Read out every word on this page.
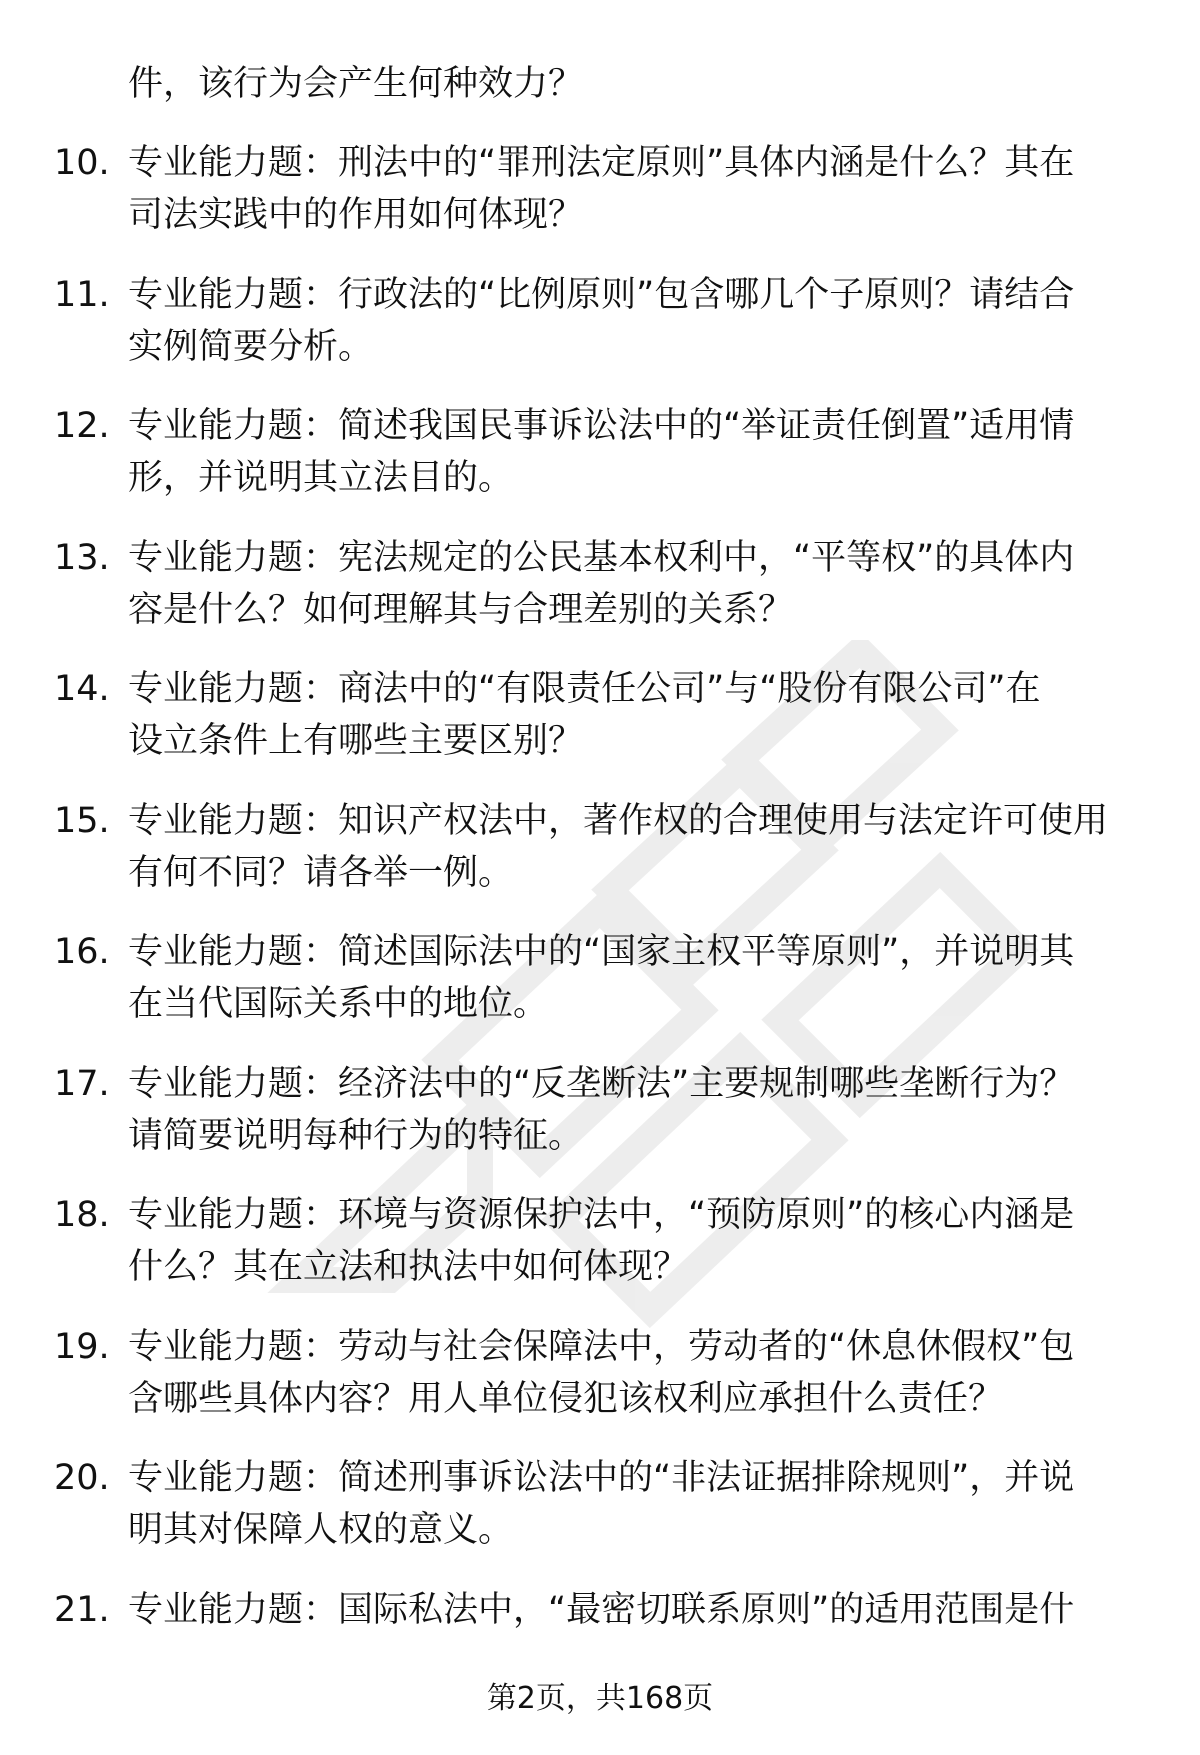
件，该行为会产生何种效力？
10. 专业能力题：刑法中的“罪刑法定原则”具体内涵是什么？其在
司法实践中的作用如何体现？
11. 专业能力题：行政法的“比例原则”包含哪几个子原则？请结合
实例简要分析。
12. 专业能力题：简述我国民事诉讼法中的“举证责任倒置”适用情
形，并说明其立法目的。
13. 专业能力题：宪法规定的公民基本权利中，“平等权”的具体内
容是什么？如何理解其与合理差别的关系？
14. 专业能力题：商法中的“有限责任公司”与“股份有限公司”在
设立条件上有哪些主要区别？
15. 专业能力题：知识产权法中，著作权的合理使用与法定许可使用
有何不同？请各举一例。
16. 专业能力题：简述国际法中的“国家主权平等原则”，并说明其
在当代国际关系中的地位。
17. 专业能力题：经济法中的“反垄断法”主要规制哪些垄断行为？
请简要说明每种行为的特征。
18. 专业能力题：环境与资源保护法中，“预防原则”的核心内涵是
什么？其在立法和执法中如何体现？
19. 专业能力题：劳动与社会保障法中，劳动者的“休息休假权”包
含哪些具体内容？用人单位侵犯该权利应承担什么责任？
20. 专业能力题：简述刑事诉讼法中的“非法证据排除规则”，并说
明其对保障人权的意义。
21. 专业能力题：国际私法中，“最密切联系原则”的适用范围是什
第2页，共168页
